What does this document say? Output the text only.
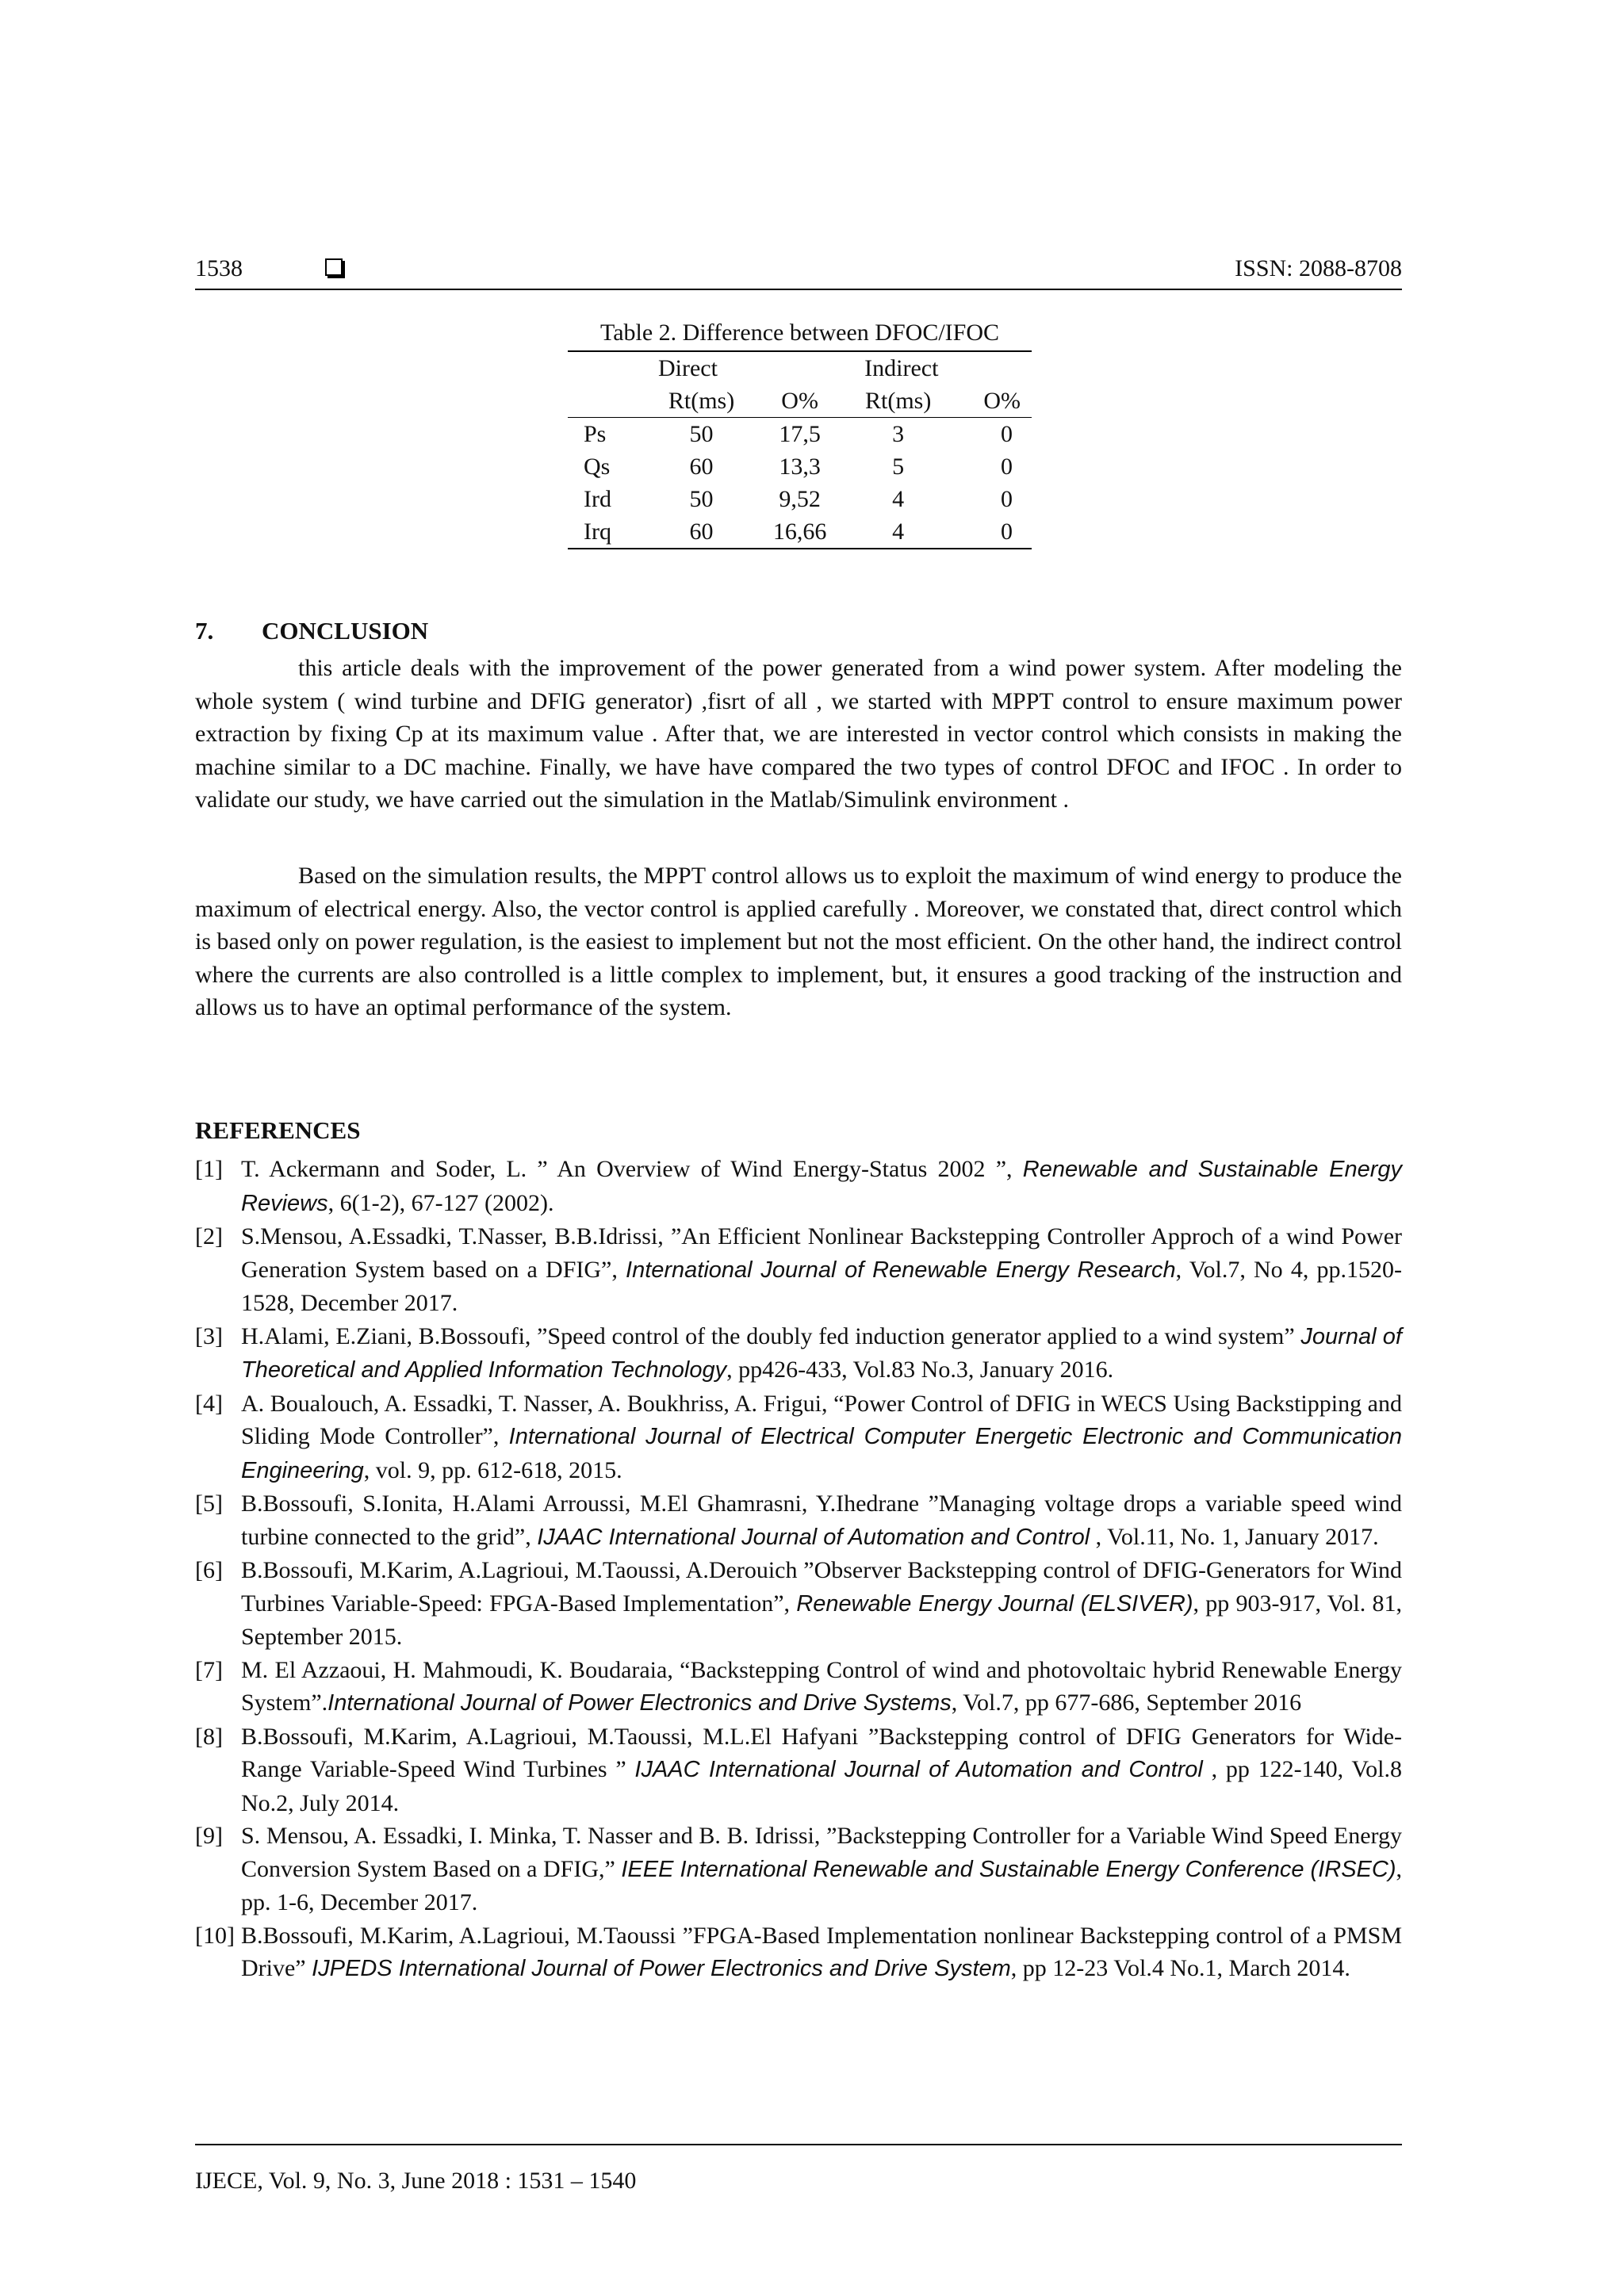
1538	ISSN: 2088-8708
Table 2. Difference between DFOC/IFOC
	Direct		Indirect	
	Rt(ms)	O%	Rt(ms)	O%
Ps	50	17,5	3	0
Qs	60	13,3	5	0
Ird	50	9,52	4	0
Irq	60	16,66	4	0
7. CONCLUSION
this article deals with the improvement of the power generated from a wind power system. After modeling the whole system ( wind turbine and DFIG generator) ,fisrt of all , we started with MPPT control to ensure maximum power extraction by fixing Cp at its maximum value . After that, we are interested in vector control which consists in making the machine similar to a DC machine. Finally, we have have compared the two types of control DFOC and IFOC . In order to validate our study, we have carried out the simulation in the Matlab/Simulink environment .
Based on the simulation results, the MPPT control allows us to exploit the maximum of wind energy to produce the maximum of electrical energy. Also, the vector control is applied carefully . Moreover, we constated that, direct control which is based only on power regulation, is the easiest to implement but not the most efficient. On the other hand, the indirect control where the currents are also controlled is a little complex to implement, but, it ensures a good tracking of the instruction and allows us to have an optimal performance of the system.
REFERENCES
[1] T. Ackermann and Soder, L. ” An Overview of Wind Energy-Status 2002 ”, Renewable and Sustainable Energy Reviews, 6(1-2), 67-127 (2002).
[2] S.Mensou, A.Essadki, T.Nasser, B.B.Idrissi, ”An Efficient Nonlinear Backstepping Controller Approch of a wind Power Generation System based on a DFIG”, International Journal of Renewable Energy Research, Vol.7, No 4, pp.1520-1528, December 2017.
[3] H.Alami, E.Ziani, B.Bossoufi, ”Speed control of the doubly fed induction generator applied to a wind system” Journal of Theoretical and Applied Information Technology, pp426-433, Vol.83 No.3, January 2016.
[4] A. Boualouch, A. Essadki, T. Nasser, A. Boukhriss, A. Frigui, “Power Control of DFIG in WECS Using Backstipping and Sliding Mode Controller”, International Journal of Electrical Computer Energetic Electronic and Communication Engineering, vol. 9, pp. 612-618, 2015.
[5] B.Bossoufi, S.Ionita, H.Alami Arroussi, M.El Ghamrasni, Y.Ihedrane ”Managing voltage drops a variable speed wind turbine connected to the grid”, IJAAC International Journal of Automation and Control , Vol.11, No. 1, January 2017.
[6] B.Bossoufi, M.Karim, A.Lagrioui, M.Taoussi, A.Derouich ”Observer Backstepping control of DFIG-Generators for Wind Turbines Variable-Speed: FPGA-Based Implementation”, Renewable Energy Journal (ELSIVER), pp 903-917, Vol. 81, September 2015.
[7] M. El Azzaoui, H. Mahmoudi, K. Boudaraia, “Backstepping Control of wind and photovoltaic hybrid Renewable Energy System”.International Journal of Power Electronics and Drive Systems, Vol.7, pp 677-686, September 2016
[8] B.Bossoufi, M.Karim, A.Lagrioui, M.Taoussi, M.L.El Hafyani ”Backstepping control of DFIG Generators for Wide-Range Variable-Speed Wind Turbines ” IJAAC International Journal of Automation and Control , pp 122-140, Vol.8 No.2, July 2014.
[9] S. Mensou, A. Essadki, I. Minka, T. Nasser and B. B. Idrissi, ”Backstepping Controller for a Variable Wind Speed Energy Conversion System Based on a DFIG,” IEEE International Renewable and Sustainable Energy Conference (IRSEC), pp. 1-6, December 2017.
[10] B.Bossoufi, M.Karim, A.Lagrioui, M.Taoussi ”FPGA-Based Implementation nonlinear Backstepping control of a PMSM Drive” IJPEDS International Journal of Power Electronics and Drive System, pp 12-23 Vol.4 No.1, March 2014.
IJECE, Vol. 9, No. 3, June 2018 : 1531 – 1540
